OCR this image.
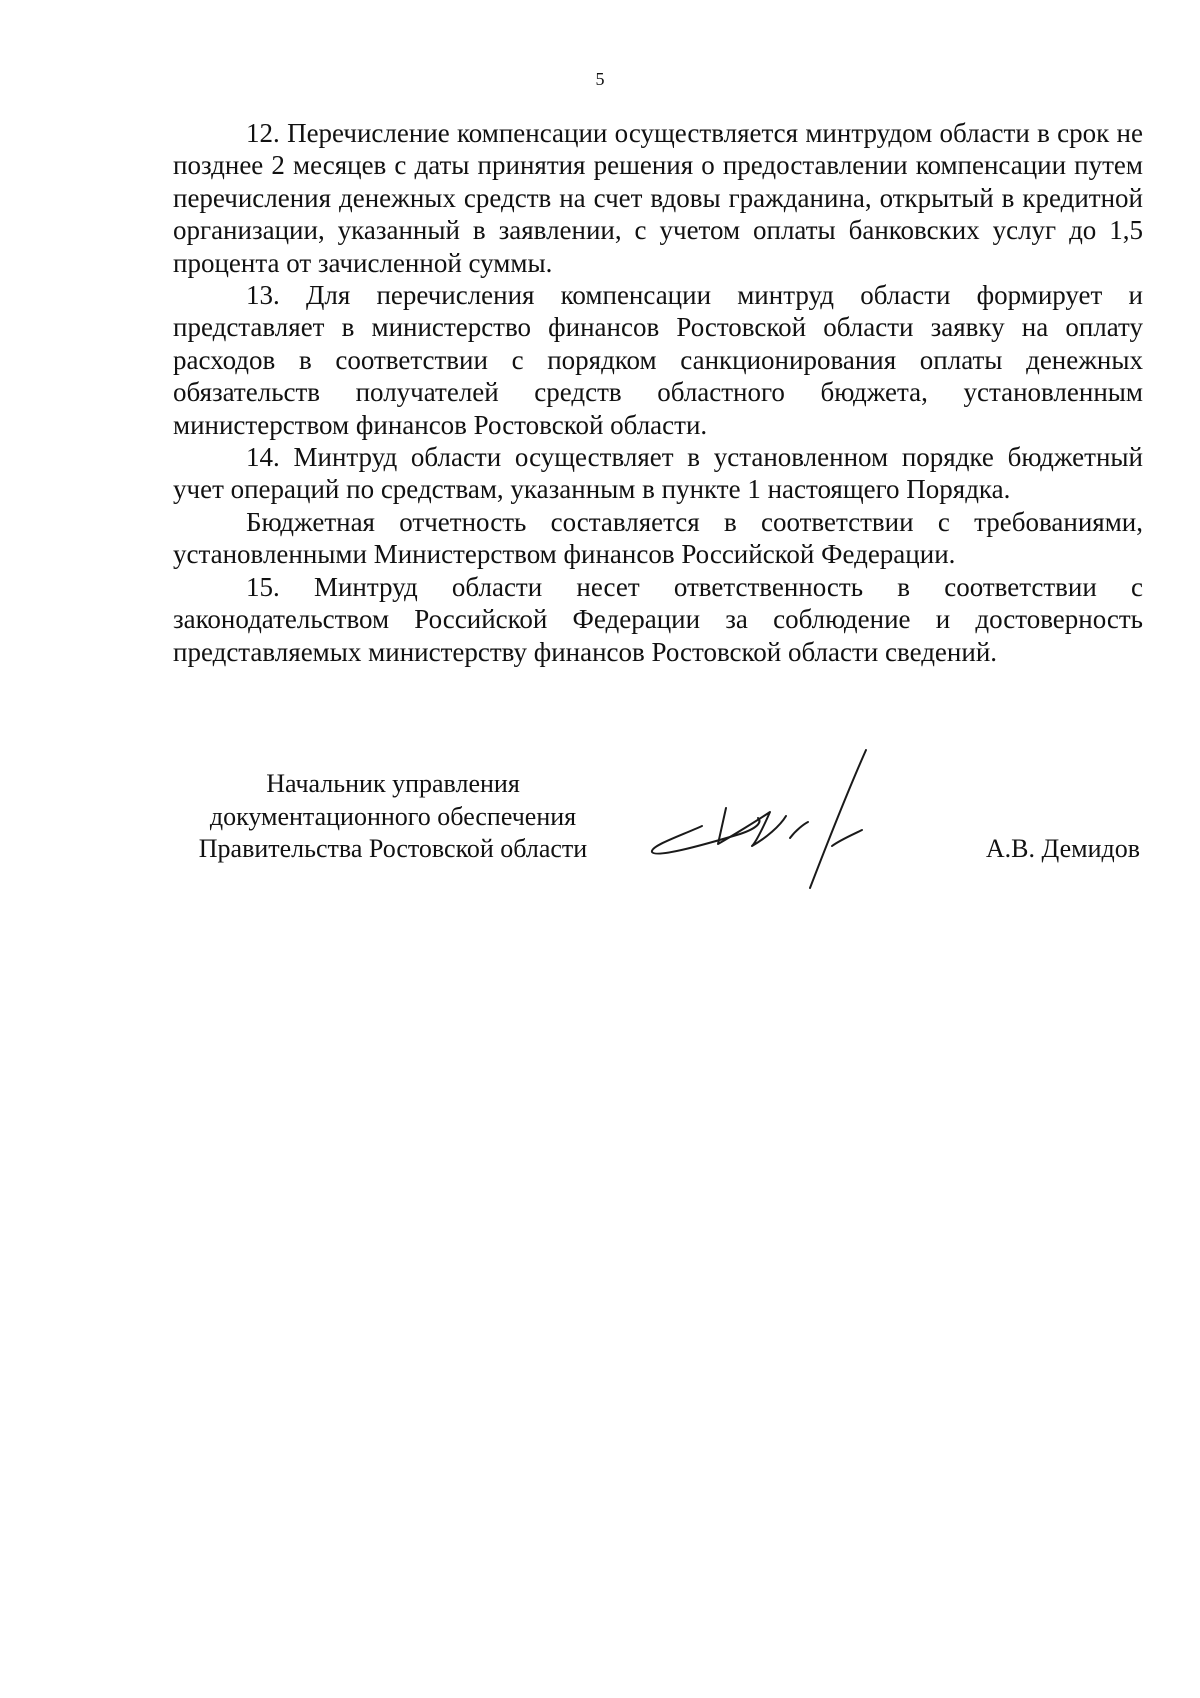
5

12. Перечисление компенсации осуществляется минтрудом области в срок не позднее 2 месяцев с даты принятия решения о предоставлении компенсации путем перечисления денежных средств на счет вдовы гражданина, открытый в кредитной организации, указанный в заявлении, с учетом оплаты банковских услуг до 1,5 процента от зачисленной суммы.

13. Для перечисления компенсации минтруд области формирует и представляет в министерство финансов Ростовской области заявку на оплату расходов в соответствии с порядком санкционирования оплаты денежных обязательств получателей средств областного бюджета, установленным министерством финансов Ростовской области.

14. Минтруд области осуществляет в установленном порядке бюджетный учет операций по средствам, указанным в пункте 1 настоящего Порядка.

Бюджетная отчетность составляется в соответствии с требованиями, установленными Министерством финансов Российской Федерации.

15. Минтруд области несет ответственность в соответствии с законодательством Российской Федерации за соблюдение и достоверность представляемых министерству финансов Ростовской области сведений.

Начальник управления
документационного обеспечения
Правительства Ростовской области	А.В. Демидов
